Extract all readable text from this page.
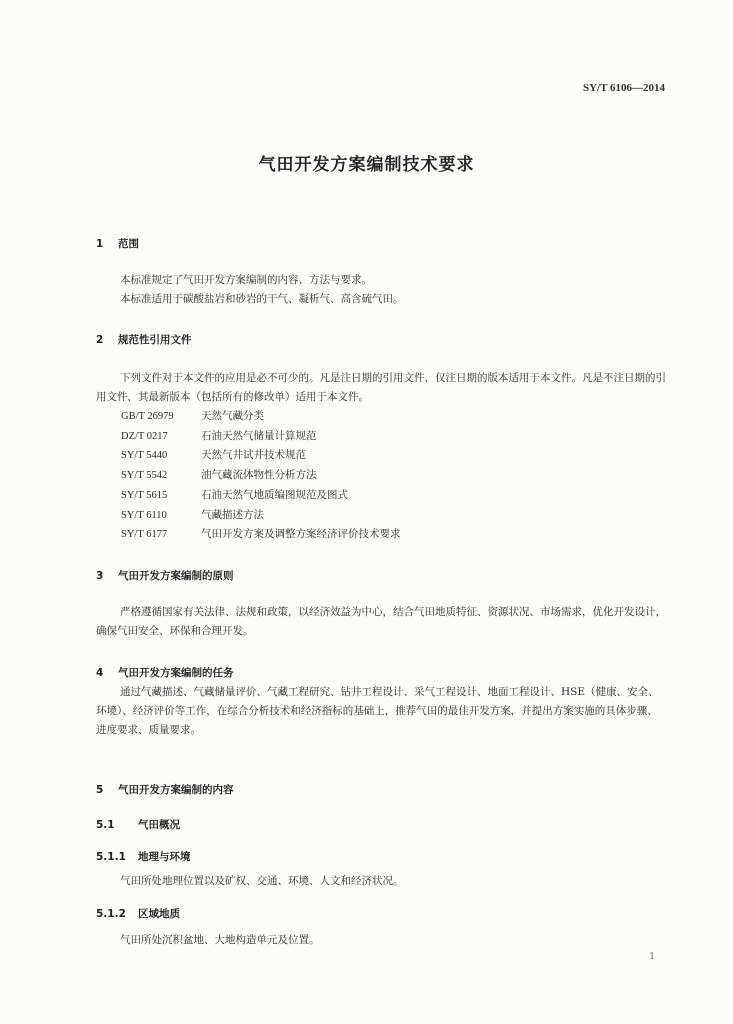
SY/T 6106—2014
气田开发方案编制技术要求
1 范围

本标准规定了气田开发方案编制的内容、方法与要求。

本标准适用于碳酸盐岩和砂岩的干气、凝析气、高含硫气田。

2 规范性引用文件

下列文件对于本文件的应用是必不可少的。凡是注日期的引用文件，仅注日期的版本适用于本文件。凡是不注日期的引用文件，其最新版本（包括所有的修改单）适用于本文件。

GB/T 26979	天然气藏分类
DZ/T 0217	石油天然气储量计算规范
SY/T 5440	天然气井试井技术规范
SY/T 5542	油气藏流体物性分析方法
SY/T 5615	石油天然气地质编图规范及图式
SY/T 6110	气藏描述方法
SY/T 6177	气田开发方案及调整方案经济评价技术要求
3 气田开发方案编制的原则

严格遵循国家有关法律、法规和政策，以经济效益为中心，结合气田地质特征、资源状况、市场需求，优化开发设计，确保气田安全、环保和合理开发。

4 气田开发方案编制的任务

通过气藏描述、气藏储量评价、气藏工程研究、钻井工程设计、采气工程设计、地面工程设计、HSE（健康、安全、环境）、经济评价等工作，在综合分析技术和经济指标的基础上，推荐气田的最佳开发方案，并提出方案实施的具体步骤、进度要求、质量要求。

5 气田开发方案编制的内容
5.1 气田概况
5.1.1 地理与环境

气田所处地理位置以及矿权、交通、环境、人文和经济状况。

5.1.2 区域地质

气田所处沉积盆地、大地构造单元及位置。

1
